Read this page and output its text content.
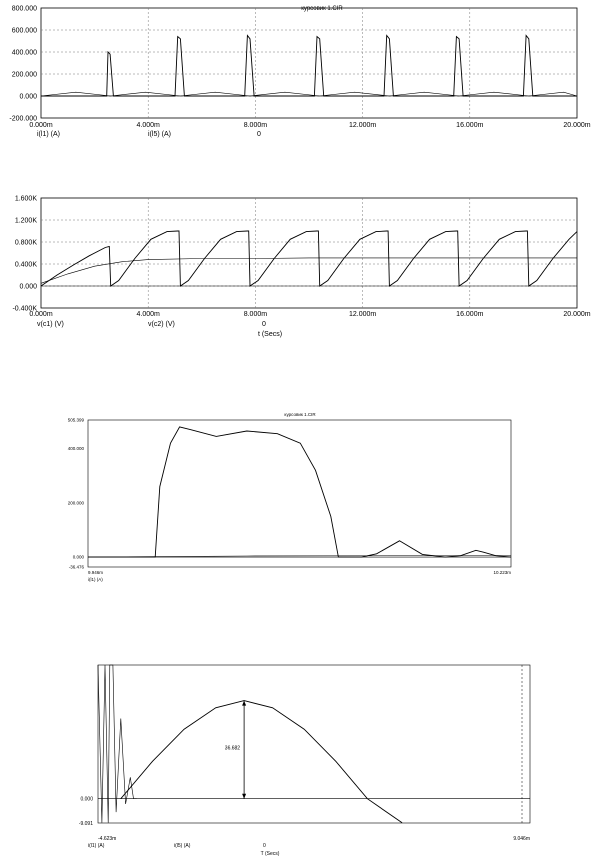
курсовик 1.CIR
800.000
600.000
400.000
200.000
0.000
-200.000
0.000m	4.000m	8.000m	12.000m	16.000m	20.000m
i(l1) (A)	i(l5) (A)	0
1.600K
1.200K
0.800K
0.400K
0.000
-0.400K
0.000m	4.000m	8.000m	12.000m	16.000m	20.000m
v(c1) (V)	v(c2) (V)	0
t (Secs)
курсовик 1.CIR
505.399
400.000
200.000
0.000
-36.476
9.946m	10.223m
i(l1) (A)
0.000
-9.091
-4.623m	9.046m
36.682
i(l1) (A)	i(l5) (A)	0
T (Secs)
